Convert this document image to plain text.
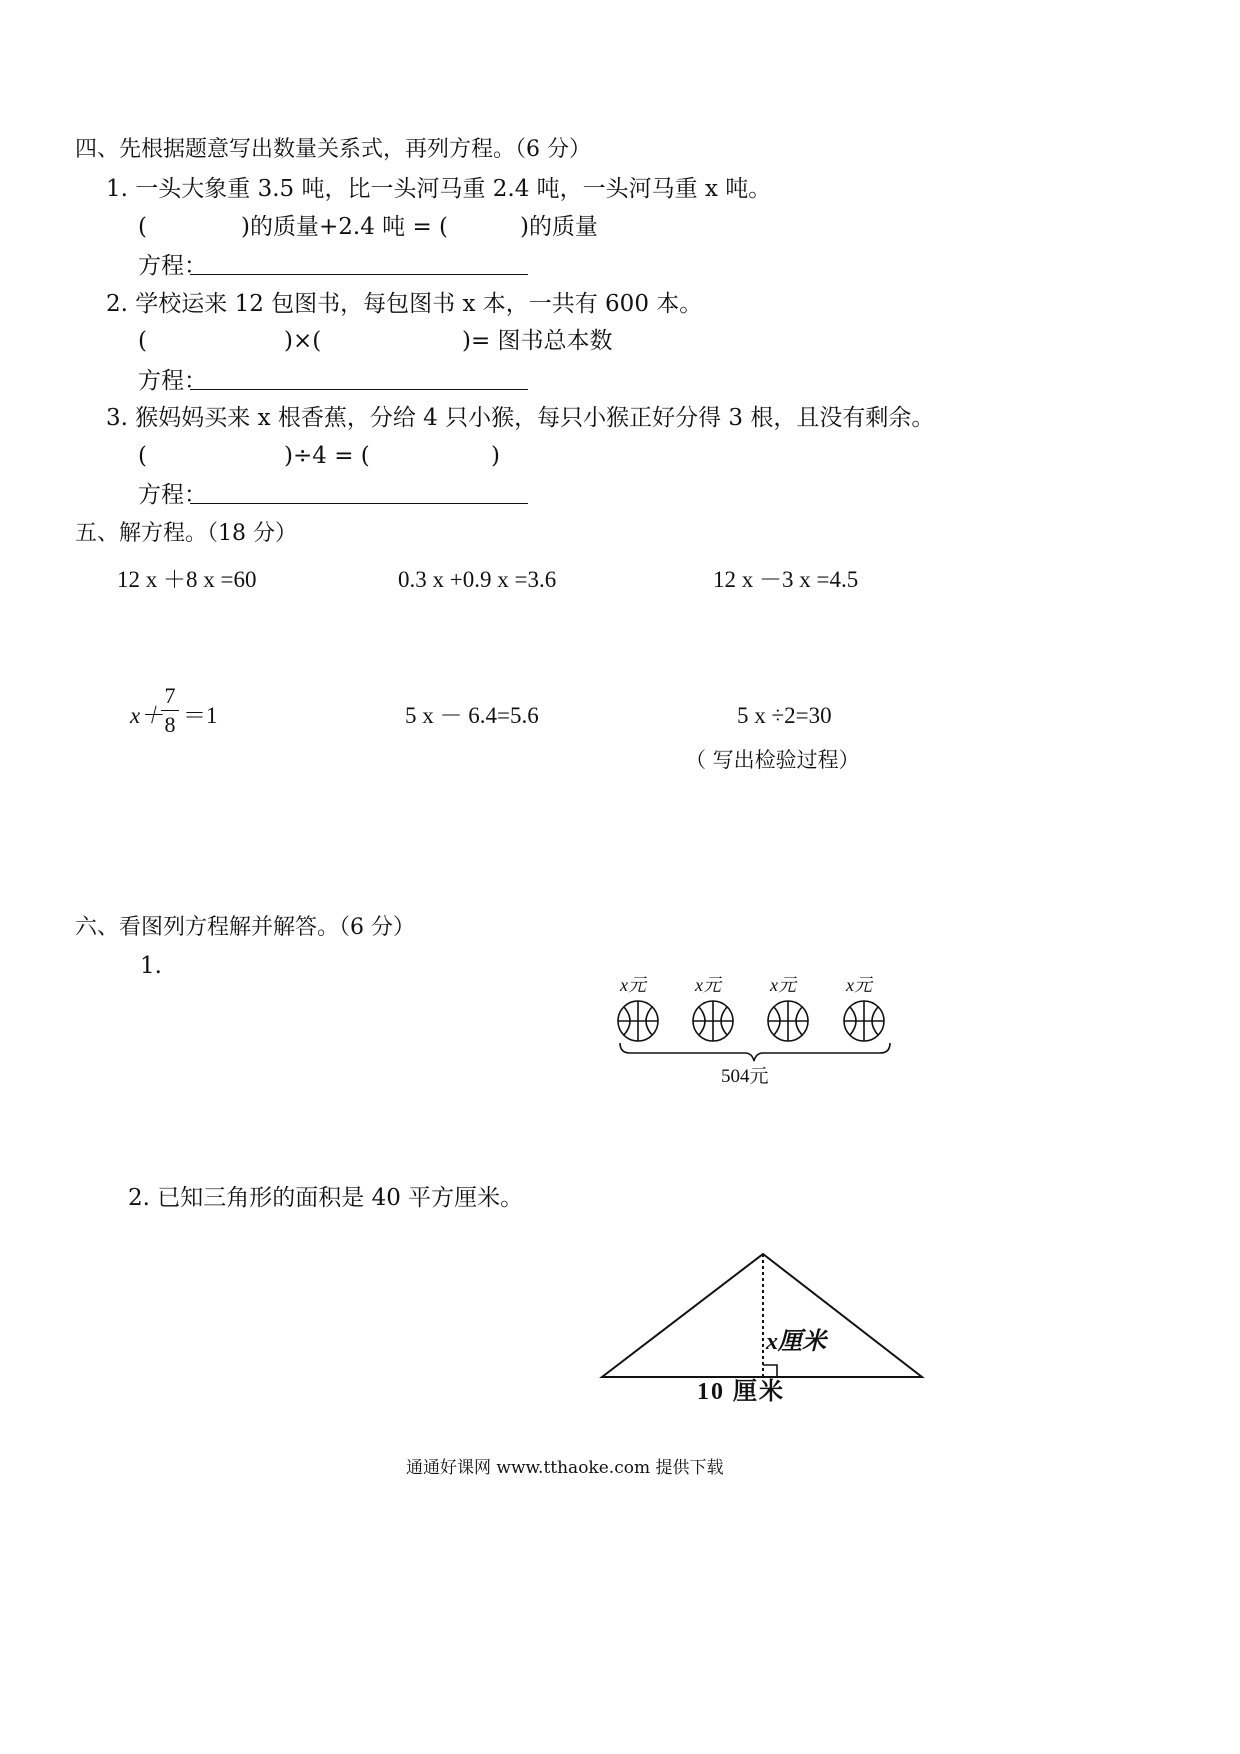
四、先根据题意写出数量关系式，再列方程。（6 分）
1. 一头大象重 3.5 吨，比一头河马重 2.4 吨，一头河马重 x 吨。
(	)的质量+2.4 吨 = (	)的质量
方程：
2. 学校运来 12 包图书，每包图书 x 本，一共有 600 本。
(	)×(	)= 图书总本数
方程：
3. 猴妈妈买来 x 根香蕉，分给 4 只小猴，每只小猴正好分得 3 根，且没有剩余。
(	)÷4 = (	)
方程：
五、解方程。（18 分）
12 x ＋8 x =60	0.3 x +0.9 x =3.6	12 x －3 x =4.5
x＋
7
8 ＝1	5 x － 6.4=5.6	5 x ÷2=30
（ 写出检验过程）
六、看图列方程解并解答。（6 分）
1.
x元	x元	x元	x元
504元
2. 已知三角形的面积是 40 平方厘米。
x厘米
10 厘米
通通好课网 www.tthaoke.com 提供下载
